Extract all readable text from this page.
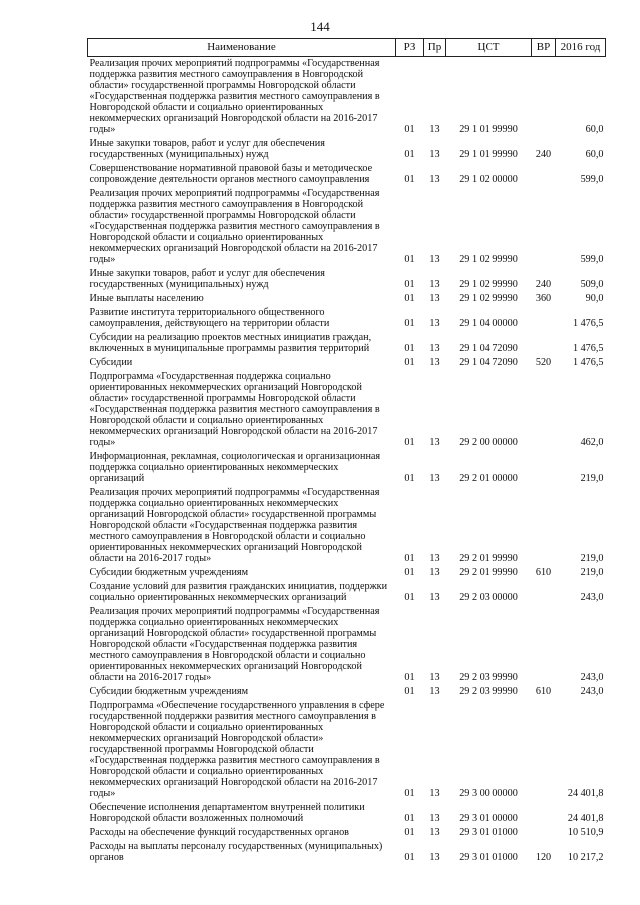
144
Наименование	РЗ	Пр	ЦСТ	ВР	2016 год
Реализация прочих мероприятий подпрограммы «Государственная поддержка развития местного самоуправления в Новгородской области» государственной программы Новгородской области «Государственная поддержка развития местного самоуправления в Новгородской области и социально ориентированных некоммерческих организаций Новгородской области на 2016-2017 годы»	01	13	29 1 01 99990		60,0
Иные закупки товаров, работ и услуг для обеспечения государственных (муниципальных) нужд	01	13	29 1 01 99990	240	60,0
Совершенствование нормативной правовой базы и методическое сопровождение деятельности органов местного самоуправления	01	13	29 1 02 00000		599,0
Реализация прочих мероприятий подпрограммы «Государственная поддержка развития местного самоуправления в Новгородской области» государственной программы Новгородской области «Государственная поддержка развития местного самоуправления в Новгородской области и социально ориентированных некоммерческих организаций Новгородской области на 2016-2017 годы»	01	13	29 1 02 99990		599,0
Иные закупки товаров, работ и услуг для обеспечения государственных (муниципальных) нужд	01	13	29 1 02 99990	240	509,0
Иные выплаты населению	01	13	29 1 02 99990	360	90,0
Развитие института территориального общественного самоуправления, действующего на территории области	01	13	29 1 04 00000		1 476,5
Субсидии на реализацию проектов местных инициатив граждан, включенных в муниципальные программы развития территорий	01	13	29 1 04 72090		1 476,5
Субсидии	01	13	29 1 04 72090	520	1 476,5
Подпрограмма «Государственная поддержка социально ориентированных некоммерческих организаций Новгородской области» государственной программы Новгородской области «Государственная поддержка развития местного самоуправления в Новгородской области и социально ориентированных некоммерческих организаций Новгородской области на 2016-2017 годы»	01	13	29 2 00 00000		462,0
Информационная, рекламная, социологическая и организационная поддержка социально ориентированных некоммерческих организаций	01	13	29 2 01 00000		219,0
Реализация прочих мероприятий подпрограммы «Государственная поддержка социально ориентированных некоммерческих организаций Новгородской области» государственной программы Новгородской области «Государственная поддержка развития местного самоуправления в Новгородской области и социально ориентированных некоммерческих организаций Новгородской области на 2016-2017 годы»	01	13	29 2 01 99990		219,0
Субсидии бюджетным учреждениям	01	13	29 2 01 99990	610	219,0
Создание условий для развития гражданских инициатив, поддержки социально ориентированных некоммерческих организаций	01	13	29 2 03 00000		243,0
Реализация прочих мероприятий подпрограммы «Государственная поддержка социально ориентированных некоммерческих организаций Новгородской области» государственной программы Новгородской области «Государственная поддержка развития местного самоуправления в Новгородской области и социально ориентированных некоммерческих организаций Новгородской области на 2016-2017 годы»	01	13	29 2 03 99990		243,0
Субсидии бюджетным учреждениям	01	13	29 2 03 99990	610	243,0
Подпрограмма «Обеспечение государственного управления в сфере государственной поддержки развития местного самоуправления в Новгородской области и социально ориентированных некоммерческих организаций Новгородской области» государственной программы Новгородской области «Государственная поддержка развития местного самоуправления в Новгородской области и социально ориентированных некоммерческих организаций Новгородской области на 2016-2017 годы»	01	13	29 3 00 00000		24 401,8
Обеспечение исполнения департаментом внутренней политики Новгородской области возложенных полномочий	01	13	29 3 01 00000		24 401,8
Расходы на обеспечение функций государственных органов	01	13	29 3 01 01000		10 510,9
Расходы на выплаты персоналу государственных (муниципальных) органов	01	13	29 3 01 01000	120	10 217,2
